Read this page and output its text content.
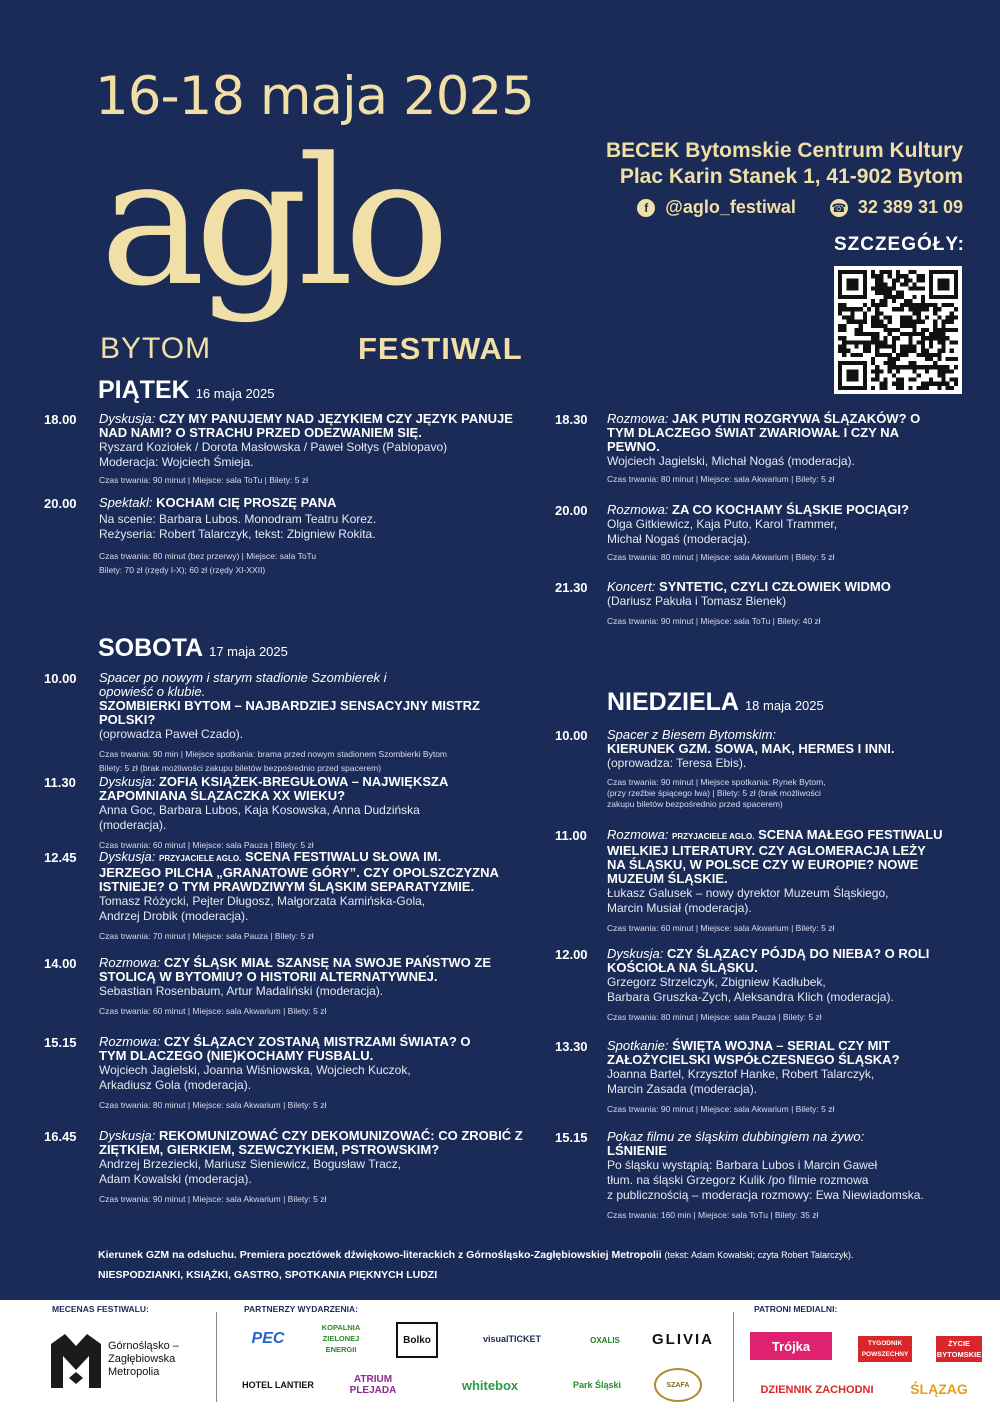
16-18 maja 2025
aglo
BYTOM	FESTIWAL
BECEK Bytomskie Centrum Kultury
Plac Karin Stanek 1, 41-902 Bytom
f @aglo_festiwal	☎ 32 389 31 09
SZCZEGÓŁY:
PIĄTEK 16 maja 2025
18.00	Dyskusja: CZY MY PANUJEMY NAD JĘZYKIEM CZY JĘZYK PANUJE NAD NAMI? O STRACHU PRZED ODEZWANIEM SIĘ.
Ryszard Koziołek / Dorota Masłowska / Paweł Sołtys (Pablopavo)
Moderacja: Wojciech Śmieja.
Czas trwania: 90 minut | Miejsce: sala ToTu | Bilety: 5 zł
20.00	Spektakl: KOCHAM CIĘ PROSZĘ PANA
Na scenie: Barbara Lubos. Monodram Teatru Korez.
Reżyseria: Robert Talarczyk, tekst: Zbigniew Rokita.
Czas trwania: 80 minut (bez przerwy) | Miejsce: sala ToTu
Bilety: 70 zł (rzędy I-X); 60 zł (rzędy XI-XXII)
18.30	Rozmowa: JAK PUTIN ROZGRYWA ŚLĄZAKÓW? O TYM DLACZEGO ŚWIAT ZWARIOWAŁ I CZY NA PEWNO.
Wojciech Jagielski, Michał Nogaś (moderacja).
Czas trwania: 80 minut | Miejsce: sala Akwarium | Bilety: 5 zł
20.00	Rozmowa: ZA CO KOCHAMY ŚLĄSKIE POCIĄGI?
Olga Gitkiewicz, Kaja Puto, Karol Trammer,
Michał Nogaś (moderacja).
Czas trwania: 80 minut | Miejsce: sala Akwarium | Bilety: 5 zł
21.30	Koncert: SYNTETIC, CZYLI CZŁOWIEK WIDMO
(Dariusz Pakuła i Tomasz Bienek)
Czas trwania: 90 minut | Miejsce: sala ToTu | Bilety: 40 zł
SOBOTA 17 maja 2025
10.00	Spacer po nowym i starym stadionie Szombierek i opowieść o klubie.
SZOMBIERKI BYTOM – NAJBARDZIEJ SENSACYJNY MISTRZ POLSKI?
(oprowadza Paweł Czado).
Czas trwania: 90 min | Miejsce spotkania: brama przed nowym stadionem Szombierki Bytom
Bilety: 5 zł (brak możliwości zakupu biletów bezpośrednio przed spacerem)
11.30	Dyskusja: ZOFIA KSIĄŻEK-BREGUŁOWA – NAJWIĘKSZA ZAPOMNIANA ŚLĄZACZKA XX WIEKU?
Anna Goc, Barbara Lubos, Kaja Kosowska, Anna Dudzińska (moderacja).
Czas trwania: 60 minut | Miejsce: sala Pauza | Bilety: 5 zł
12.45	Dyskusja: PRZYJACIELE AGLO. SCENA FESTIWALU SŁOWA IM. JERZEGO PILCHA „GRANATOWE GÓRY”. CZY OPOLSZCZYZNA ISTNIEJE? O TYM PRAWDZIWYM ŚLĄSKIM SEPARATYZMIE.
Tomasz Różycki, Pejter Długosz, Małgorzata Kamińska-Gola,
Andrzej Drobik (moderacja).
Czas trwania: 70 minut | Miejsce: sala Pauza | Bilety: 5 zł
14.00	Rozmowa: CZY ŚLĄSK MIAŁ SZANSĘ NA SWOJE PAŃSTWO ZE STOLICĄ W BYTOMIU? O HISTORII ALTERNATYWNEJ.
Sebastian Rosenbaum, Artur Madaliński (moderacja).
Czas trwania: 60 minut | Miejsce: sala Akwarium | Bilety: 5 zł
15.15	Rozmowa: CZY ŚLĄZACY ZOSTANĄ MISTRZAMI ŚWIATA? O TYM DLACZEGO (NIE)KOCHAMY FUSBALU.
Wojciech Jagielski, Joanna Wiśniowska, Wojciech Kuczok,
Arkadiusz Gola (moderacja).
Czas trwania: 80 minut | Miejsce: sala Akwarium | Bilety: 5 zł
16.45	Dyskusja: REKOMUNIZOWAĆ CZY DEKOMUNIZOWAĆ: CO ZROBIĆ Z ZIĘTKIEM, GIERKIEM, SZEWCZYKIEM, PSTROWSKIM?
Andrzej Brzeziecki, Mariusz Sieniewicz, Bogusław Tracz,
Adam Kowalski (moderacja).
Czas trwania: 90 minut | Miejsce: sala Akwarium | Bilety: 5 zł
NIEDZIELA 18 maja 2025
10.00	Spacer z Biesem Bytomskim:
KIERUNEK GZM. SOWA, MAK, HERMES I INNI.
(oprowadza: Teresa Ebis).
Czas trwania: 90 minut | Miejsce spotkania: Rynek Bytom,
(przy rzeźbie śpiącego lwa) | Bilety: 5 zł (brak możliwości
zakupu biletów bezpośrednio przed spacerem)
11.00	Rozmowa: PRZYJACIELE AGLO. SCENA MAŁEGO FESTIWALU WIELKIEJ LITERATURY. CZY AGLOMERACJA LEŻY NA ŚLĄSKU, W POLSCE CZY W EUROPIE? NOWE MUZEUM ŚLĄSKIE.
Łukasz Galusek – nowy dyrektor Muzeum Śląskiego,
Marcin Musiał (moderacja).
Czas trwania: 60 minut | Miejsce: sala Akwarium | Bilety: 5 zł
12.00	Dyskusja: CZY ŚLĄZACY PÓJDĄ DO NIEBA? O ROLI KOŚCIOŁA NA ŚLĄSKU.
Grzegorz Strzelczyk, Zbigniew Kadłubek,
Barbara Gruszka-Zych, Aleksandra Klich (moderacja).
Czas trwania: 80 minut | Miejsce: sala Pauza | Bilety: 5 zł
13.30	Spotkanie: ŚWIĘTA WOJNA – SERIAL CZY MIT ZAŁOŻYCIELSKI WSPÓŁCZESNEGO ŚLĄSKA?
Joanna Bartel, Krzysztof Hanke, Robert Talarczyk,
Marcin Zasada (moderacja).
Czas trwania: 90 minut | Miejsce: sala Akwarium | Bilety: 5 zł
15.15	Pokaz filmu ze śląskim dubbingiem na żywo:
LŚNIENIE
Po śląsku wystąpią: Barbara Lubos i Marcin Gaweł
tłum. na śląski Grzegorz Kulik /po filmie rozmowa
z publicznością – moderacja rozmowy: Ewa Niewiadomska.
Czas trwania: 160 min | Miejsce: sala ToTu | Bilety: 35 zł
Kierunek GZM na odsłuchu. Premiera pocztówek dźwiękowo-literackich z Górnośląsko-Zagłębiowskiej Metropolii (tekst: Adam Kowalski; czyta Robert Talarczyk).
NIESPODZIANKI, KSIĄŻKI, GASTRO, SPOTKANIA PIĘKNYCH LUDZI
MECENAS FESTIWALU:
Górnośląsko –Zagłębiowska Metropolia
PARTNERZY WYDARZENIA:
PEC
KOPALNIA ZIELONEJ ENERGII
Bolko	visualTICKET	OXALIS	GLIVIA
HOTEL LANTIER	ATRIUM PLEJADA	whitebox	Park Śląski	SZAFA
PATRONI MEDIALNI:
Trójka	TYGODNIK POWSZECHNY
ŻYCIE BYTOMSKIE
DZIENNIK ZACHODNI	ŚLĄZAG
